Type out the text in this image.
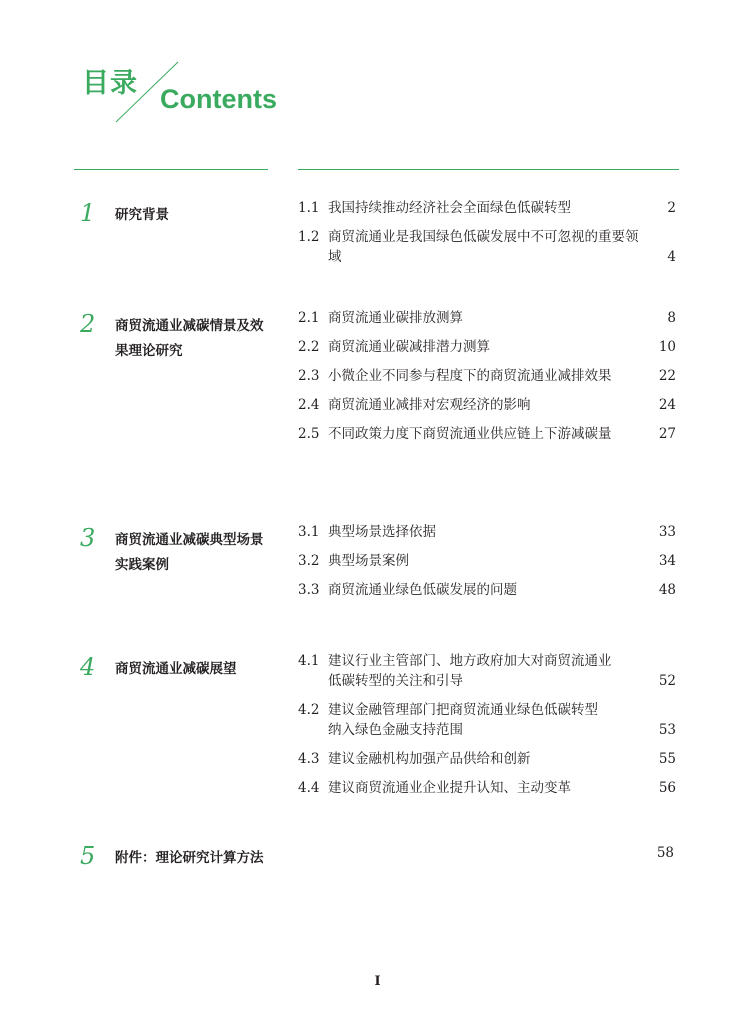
目录 Contents
1 研究背景	1.1 我国持续推动经济社会全面绿色低碳转型	2
1.2 商贸流通业是我国绿色低碳发展中不可忽视的重要领域	4
2 商贸流通业减碳情景及效果理论研究
2.1 商贸流通业碳排放测算	8
2.2 商贸流通业碳减排潜力测算	10
2.3 小微企业不同参与程度下的商贸流通业减排效果	22
2.4 商贸流通业减排对宏观经济的影响	24
2.5 不同政策力度下商贸流通业供应链上下游减碳量	27
3 商贸流通业减碳典型场景实践案例
3.1 典型场景选择依据	33
3.2 典型场景案例	34
3.3 商贸流通业绿色低碳发展的问题	48
4 商贸流通业减碳展望	4.1 建议行业主管部门、地方政府加大对商贸流通业
低碳转型的关注和引导	52
4.2 建议金融管理部门把商贸流通业绿色低碳转型
纳入绿色金融支持范围	53
4.3 建议金融机构加强产品供给和创新	55
4.4 建议商贸流通业企业提升认知、主动变革	56
5 附件：理论研究计算方法	58
I
